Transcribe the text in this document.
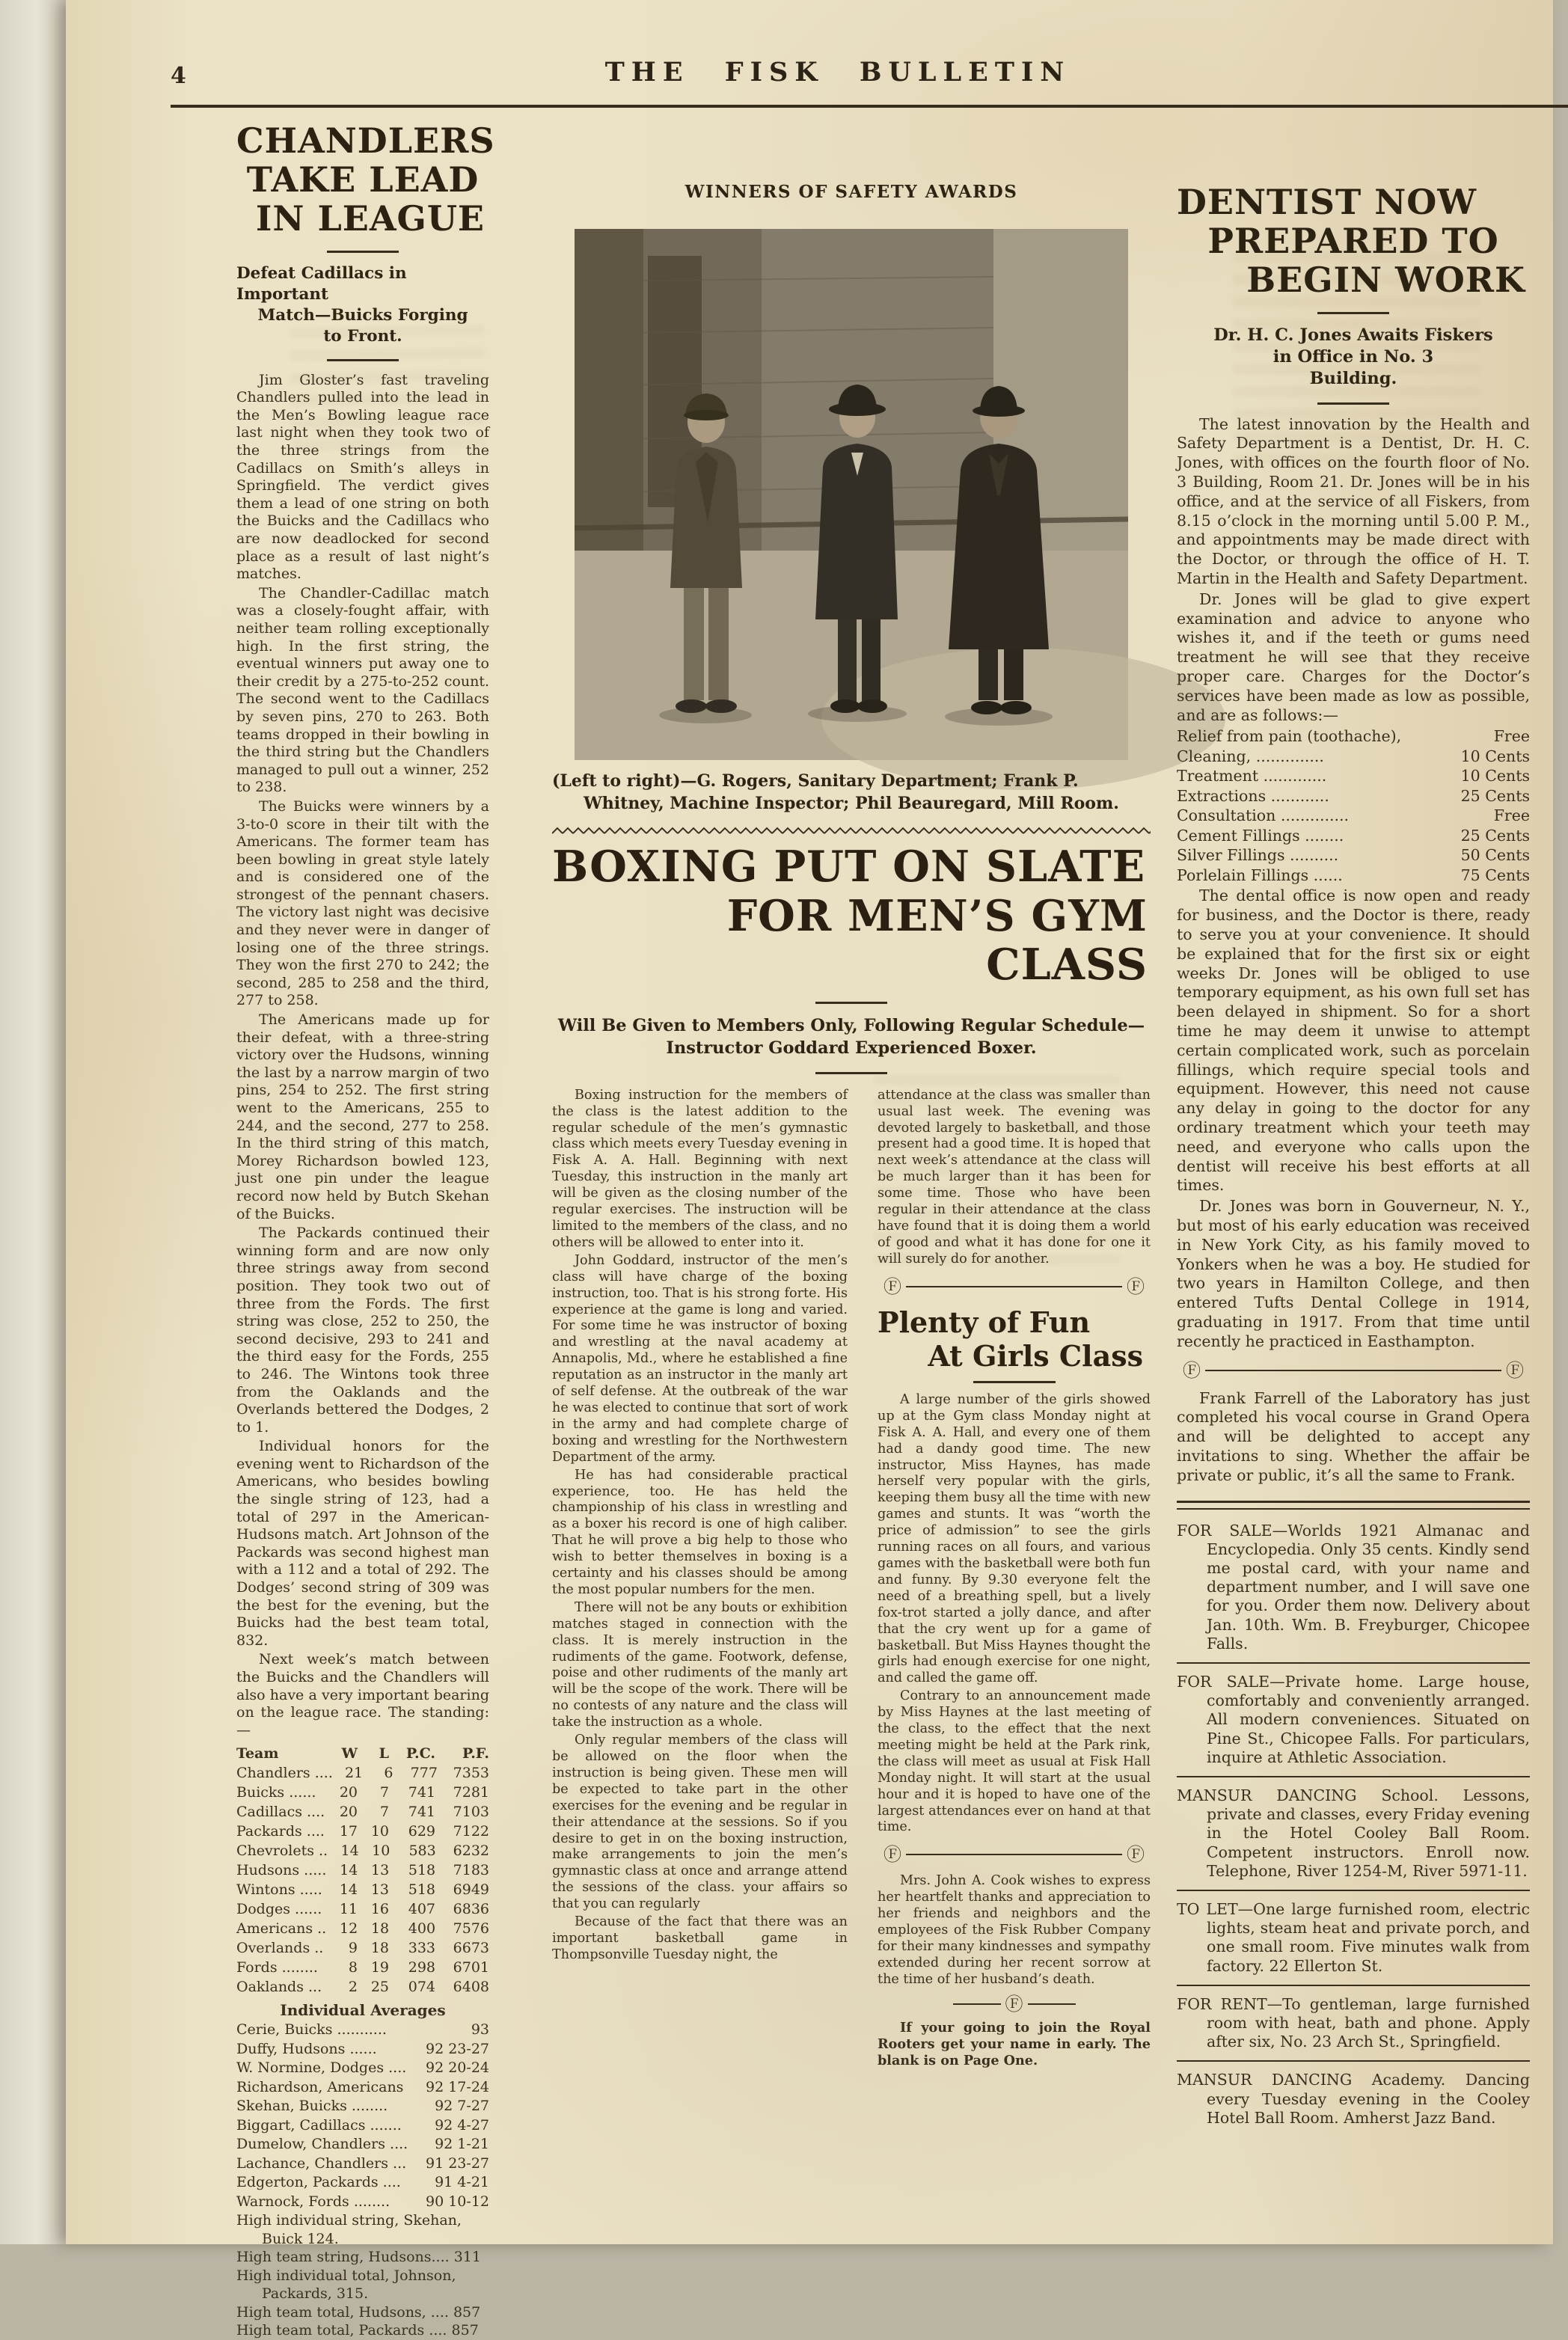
4	THE FISK BULLETIN
CHANDLERS
TAKE LEAD
IN LEAGUE
Defeat Cadillacs in Important
Match—Buicks Forging
to Front.

Jim Gloster’s fast traveling Chandlers pulled into the lead in the Men’s Bowling league race last night when they took two of the three strings from the Cadillacs on Smith’s alleys in Springfield. The verdict gives them a lead of one string on both the Buicks and the Cadillacs who are now deadlocked for second place as a result of last night’s matches.

The Chandler-Cadillac match was a closely-fought affair, with neither team rolling exceptionally high. In the first string, the eventual winners put away one to their credit by a 275-to-252 count. The second went to the Cadillacs by seven pins, 270 to 263. Both teams dropped in their bowling in the third string but the Chandlers managed to pull out a winner, 252 to 238.

The Buicks were winners by a 3-to-0 score in their tilt with the Americans. The former team has been bowling in great style lately and is considered one of the strongest of the pennant chasers. The victory last night was decisive and they never were in danger of losing one of the three strings. They won the first 270 to 242; the second, 285 to 258 and the third, 277 to 258.

The Americans made up for their defeat, with a three-string victory over the Hudsons, winning the last by a narrow margin of two pins, 254 to 252. The first string went to the Americans, 255 to 244, and the second, 277 to 258. In the third string of this match, Morey Richardson bowled 123, just one pin under the league record now held by Butch Skehan of the Buicks.

The Packards continued their winning form and are now only three strings away from second position. They took two out of three from the Fords. The first string was close, 252 to 250, the second decisive, 293 to 241 and the third easy for the Fords, 255 to 246. The Wintons took three from the Oaklands and the Overlands bettered the Dodges, 2 to 1.

Individual honors for the evening went to Richardson of the Americans, who besides bowling the single string of 123, had a total of 297 in the American-Hudsons match. Art Johnson of the Packards was second highest man with a 112 and a total of 292. The Dodges’ second string of 309 was the best for the evening, but the Buicks had the best team total, 832.

Next week’s match between the Buicks and the Chandlers will also have a very important bearing on the league race. The standing:—

Team	W	L	P.C.	P.F.
Chandlers .... 21	6	777	7353
Buicks ......	20	7	741	7281
Cadillacs ....	20	7	741	7103
Packards ....	17 10	629	7122
Chevrolets .. 14 10	583	6232
Hudsons ..... 14 13	518	7183
Wintons .....	14 13	518	6949
Dodges ......	11 16	407	6836
Americans .. 12 18	400	7576
Overlands ..	9 18	333	6673
Fords ........	8 19	298	6701
Oaklands ...	2 25	074	6408
Individual Averages
Cerie, Buicks ...........	93
Duffy, Hudsons ......	92 23-27
W. Normine, Dodges .... 92 20-24
Richardson, Americans 92 17-24
Skehan, Buicks ........	92 7-27
Biggart, Cadillacs ....... 92 4-27
Dumelow, Chandlers .... 92 1-21
Lachance, Chandlers ... 91 23-27
Edgerton, Packards .... 91 4-21
Warnock, Fords ........	90 10-12

High individual string, Skehan, Buick 124.

High team string, Hudsons.... 311

High individual total, Johnson, Packards, 315.

High team total, Hudsons, .... 857

High team total, Packards .... 857

WINNERS OF SAFETY AWARDS
(Left to right)—G. Rogers, Sanitary Department; Frank P.
Whitney, Machine Inspector; Phil Beauregard, Mill Room.
BOXING PUT ON SLATE
FOR MEN’S GYM CLASS
Will Be Given to Members Only, Following Regular Schedule—
Instructor Goddard Experienced Boxer.

Boxing instruction for the members of the class is the latest addition to the regular schedule of the men’s gymnastic class which meets every Tuesday evening in Fisk A. A. Hall. Beginning with next Tuesday, this instruction in the manly art will be given as the closing number of the regular exercises. The instruction will be limited to the members of the class, and no others will be allowed to enter into it.

John Goddard, instructor of the men’s class will have charge of the boxing instruction, too. That is his strong forte. His experience at the game is long and varied. For some time he was instructor of boxing and wrestling at the naval academy at Annapolis, Md., where he established a fine reputation as an instructor in the manly art of self defense. At the outbreak of the war he was elected to continue that sort of work in the army and had complete charge of boxing and wrestling for the Northwestern Department of the army.

He has had considerable practical experience, too. He has held the championship of his class in wrestling and as a boxer his record is one of high caliber. That he will prove a big help to those who wish to better themselves in boxing is a certainty and his classes should be among the most popular numbers for the men.

There will not be any bouts or exhibition matches staged in connection with the class. It is merely instruction in the rudiments of the game. Footwork, defense, poise and other rudiments of the manly art will be the scope of the work. There will be no contests of any nature and the class will take the instruction as a whole.

Only regular members of the class will be allowed on the floor when the instruction is being given. These men will be expected to take part in the other exercises for the evening and be regular in their attendance at the sessions. So if you desire to get in on the boxing instruction, make arrangements to join the men’s gymnastic class at once and arrange attend the sessions of the class. your affairs so that you can regularly

Because of the fact that there was an important basketball game in Thompsonville Tuesday night, the

attendance at the class was smaller than usual last week. The evening was devoted largely to basketball, and those present had a good time. It is hoped that next week’s attendance at the class will be much larger than it has been for some time. Those who have been regular in their attendance at the class have found that it is doing them a world of good and what it has done for one it will surely do for another.

Ⓕ	Ⓕ
Plenty of Fun
At Girls Class

A large number of the girls showed up at the Gym class Monday night at Fisk A. A. Hall, and every one of them had a dandy good time. The new instructor, Miss Haynes, has made herself very popular with the girls, keeping them busy all the time with new games and stunts. It was “worth the price of admission” to see the girls running races on all fours, and various games with the basketball were both fun and funny. By 9.30 everyone felt the need of a breathing spell, but a lively fox-trot started a jolly dance, and after that the cry went up for a game of basketball. But Miss Haynes thought the girls had enough exercise for one night, and called the game off.

Contrary to an announcement made by Miss Haynes at the last meeting of the class, to the effect that the next meeting might be held at the Park rink, the class will meet as usual at Fisk Hall Monday night. It will start at the usual hour and it is hoped to have one of the largest attendances ever on hand at that time.

Ⓕ	Ⓕ

Mrs. John A. Cook wishes to express her heartfelt thanks and appreciation to her friends and neighbors and the employees of the Fisk Rubber Company for their many kindnesses and sympathy extended during her recent sorrow at the time of her husband’s death.

Ⓕ

If your going to join the Royal Rooters get your name in early. The blank is on Page One.

DENTIST NOW
PREPARED TO
BEGIN WORK
Dr. H. C. Jones Awaits Fiskers
in Office in No. 3
Building.

The latest innovation by the Health and Safety Department is a Dentist, Dr. H. C. Jones, with offices on the fourth floor of No. 3 Building, Room 21. Dr. Jones will be in his office, and at the service of all Fiskers, from 8.15 o’clock in the morning until 5.00 P. M., and appointments may be made direct with the Doctor, or through the office of H. T. Martin in the Health and Safety Department.

Dr. Jones will be glad to give expert examination and advice to anyone who wishes it, and if the teeth or gums need treatment he will see that they receive proper care. Charges for the Doctor’s services have been made as low as possible, and are as follows:—

Relief from pain (toothache),	Free
Cleaning, ..............	10 Cents
Treatment .............	10 Cents
Extractions ............	25 Cents
Consultation ..............	Free
Cement Fillings ........	25 Cents
Silver Fillings ..........	50 Cents
Porlelain Fillings ......	75 Cents

The dental office is now open and ready for business, and the Doctor is there, ready to serve you at your convenience. It should be explained that for the first six or eight weeks Dr. Jones will be obliged to use temporary equipment, as his own full set has been delayed in shipment. So for a short time he may deem it unwise to attempt certain complicated work, such as porcelain fillings, which require special tools and equipment. However, this need not cause any delay in going to the doctor for any ordinary treatment which your teeth may need, and everyone who calls upon the dentist will receive his best efforts at all times.

Dr. Jones was born in Gouverneur, N. Y., but most of his early education was received in New York City, as his family moved to Yonkers when he was a boy. He studied for two years in Hamilton College, and then entered Tufts Dental College in 1914, graduating in 1917. From that time until recently he practiced in Easthampton.

Ⓕ	Ⓕ

Frank Farrell of the Laboratory has just completed his vocal course in Grand Opera and will be delighted to accept any invitations to sing. Whether the affair be private or public, it’s all the same to Frank.

FOR SALE—Worlds 1921 Almanac and Encyclopedia. Only 35 cents. Kindly send me postal card, with your name and department number, and I will save one for you. Order them now. Delivery about Jan. 10th. Wm. B. Freyburger, Chicopee Falls.

FOR SALE—Private home. Large house, comfortably and conveniently arranged. All modern conveniences. Situated on Pine St., Chicopee Falls. For particulars, inquire at Athletic Association.

MANSUR DANCING School. Lessons, private and classes, every Friday evening in the Hotel Cooley Ball Room. Competent instructors. Enroll now. Telephone, River 1254-M, River 5971-11.

TO LET—One large furnished room, electric lights, steam heat and private porch, and one small room. Five minutes walk from factory. 22 Ellerton St.

FOR RENT—To gentleman, large furnished room with heat, bath and phone. Apply after six, No. 23 Arch St., Springfield.

MANSUR DANCING Academy. Dancing every Tuesday evening in the Cooley Hotel Ball Room. Amherst Jazz Band.
